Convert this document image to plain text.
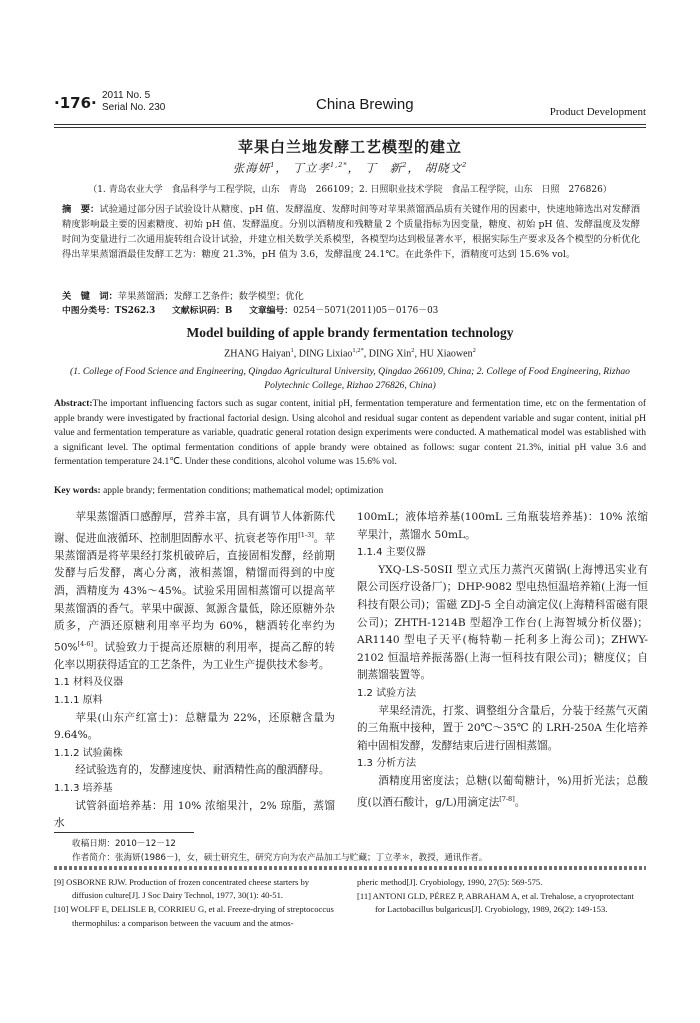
·176· 2011 No. 5
Serial No. 230	China Brewing	Product Development
苹果白兰地发酵工艺模型的建立
张海妍$^1$， 丁立孝$^{1,2*}$， 丁　新$^2$， 胡晓文$^2$
（1. 青岛农业大学　食品科学与工程学院，山东　青岛　266109；2. 日照职业技术学院　食品工程学院，山东　日照　276826）
摘　要：试验通过部分因子试验设计从糖度、pH 值、发酵温度、发酵时间等对苹果蒸馏酒品质有关键作用的因素中，快速地筛选出对发酵酒精度影响最主要的因素糖度、初始 pH 值、发酵温度。分别以酒精度和残糖量 2 个质量指标为因变量，糖度、初始 pH 值、发酵温度及发酵时间为变量进行二次通用旋转组合设计试验，并建立相关数学关系模型，各模型均达到极显著水平，根据实际生产要求及各个模型的分析优化得出苹果蒸馏酒最佳发酵工艺为：糖度 21.3%，pH 值为 3.6，发酵温度 24.1℃。在此条件下，酒精度可达到 15.6% vol。
关　键　词：苹果蒸馏酒；发酵工艺条件；数学模型；优化
中图分类号：TS262.3 文献标识码：B 文章编号：0254－5071(2011)05－0176－03
Model building of apple brandy fermentation technology
ZHANG Haiyan$^1$, DING Lixiao$^{1,2*}$, DING Xin$^2$, HU Xiaowen$^2$
(1. College of Food Science and Engineering, Qingdao Agricultural University, Qingdao 266109, China; 2. College of Food Engineering, Rizhao Polytechnic College, Rizhao 276826, China)
Abstract:The important influencing factors such as sugar content, initial pH, fermentation temperature and fermentation time, etc on the fermentation of apple brandy were investigated by fractional factorial design. Using alcohol and residual sugar content as dependent variable and sugar content, initial pH value and fermentation temperature as variable, quadratic general rotation design experiments were conducted. A mathematical model was established with a significant level. The optimal fermentation conditions of apple brandy were obtained as follows: sugar content 21.3%, initial pH value 3.6 and fermentation temperature 24.1℃. Under these conditions, alcohol volume was 15.6% vol.
Key words: apple brandy; fermentation conditions; mathematical model; optimization

苹果蒸馏酒口感醇厚，营养丰富，具有调节人体新陈代谢、促进血液循环、控制胆固醇水平、抗衰老等作用[1-3]。苹果蒸馏酒是将苹果经打浆机破碎后，直接固相发酵，经前期发酵与后发酵，离心分离，液相蒸馏，精馏而得到的中度酒，酒精度为 43%～45%。试验采用固相蒸馏可以提高苹果蒸馏酒的香气。苹果中碳源、氮源含量低，除还原糖外杂质多，产酒还原糖利用率平均为 60%，糖酒转化率约为 50%[4-6]。试验致力于提高还原糖的利用率，提高乙醇的转化率以期获得适宜的工艺条件，为工业生产提供技术参考。

1.1 材料及仪器

1.1.1 原料

苹果(山东产红富士)：总糖量为 22%，还原糖含量为 9.64%。

1.1.2 试验菌株

经试验选育的，发酵速度快、耐酒精性高的酿酒酵母。

1.1.3 培养基

试管斜面培养基：用 10% 浓缩果汁，2% 琼脂，蒸馏水

100mL；液体培养基(100mL 三角瓶装培养基)：10% 浓缩苹果汁，蒸馏水 50mL。

1.1.4 主要仪器

YXQ-LS-50SII 型立式压力蒸汽灭菌锅(上海博迅实业有限公司医疗设备厂)；DHP-9082 型电热恒温培养箱(上海一恒科技有限公司)；雷磁 ZDJ-5 全自动滴定仪(上海精科雷磁有限公司)；ZHTH-1214B 型超净工作台(上海智城分析仪器)；AR1140 型电子天平(梅特勒－托利多上海公司)；ZHWY-2102 恒温培养振荡器(上海一恒科技有限公司)；糖度仪；自制蒸馏装置等。

1.2 试验方法

苹果经清洗，打浆、调整组分含量后，分装于经蒸气灭菌的三角瓶中接种，置于 20℃～35℃ 的 LRH-250A 生化培养箱中固相发酵，发酵结束后进行固相蒸馏。

1.3 分析方法

酒精度用密度法；总糖(以葡萄糖计，%)用折光法；总酸度(以酒石酸计，g/L)用滴定法[7-8]。

收稿日期：2010－12－12
作者简介：张海妍(1986－)，女，硕士研究生，研究方向为农产品加工与贮藏；丁立孝＊，教授，通讯作者。
[9] OSBORNE RJW. Production of frozen concentrated cheese starters by diffusion culture[J]. J Soc Dairy Technol, 1977, 30(1): 40-51.
[10] WOLFF E, DELISLE B, CORRIEU G, et al. Freeze-drying of streptococcus thermophilus: a comparison between the vacuum and the atmos-
pheric method[J]. Cryobiology, 1990, 27(5): 569-575.
[11] ANTONI GLD, PÉREZ P, ABRAHAM A, et al. Trehalose, a cryoprotectant for Lactobacillus bulgaricus[J]. Cryobiology, 1989, 26(2): 149-153.
